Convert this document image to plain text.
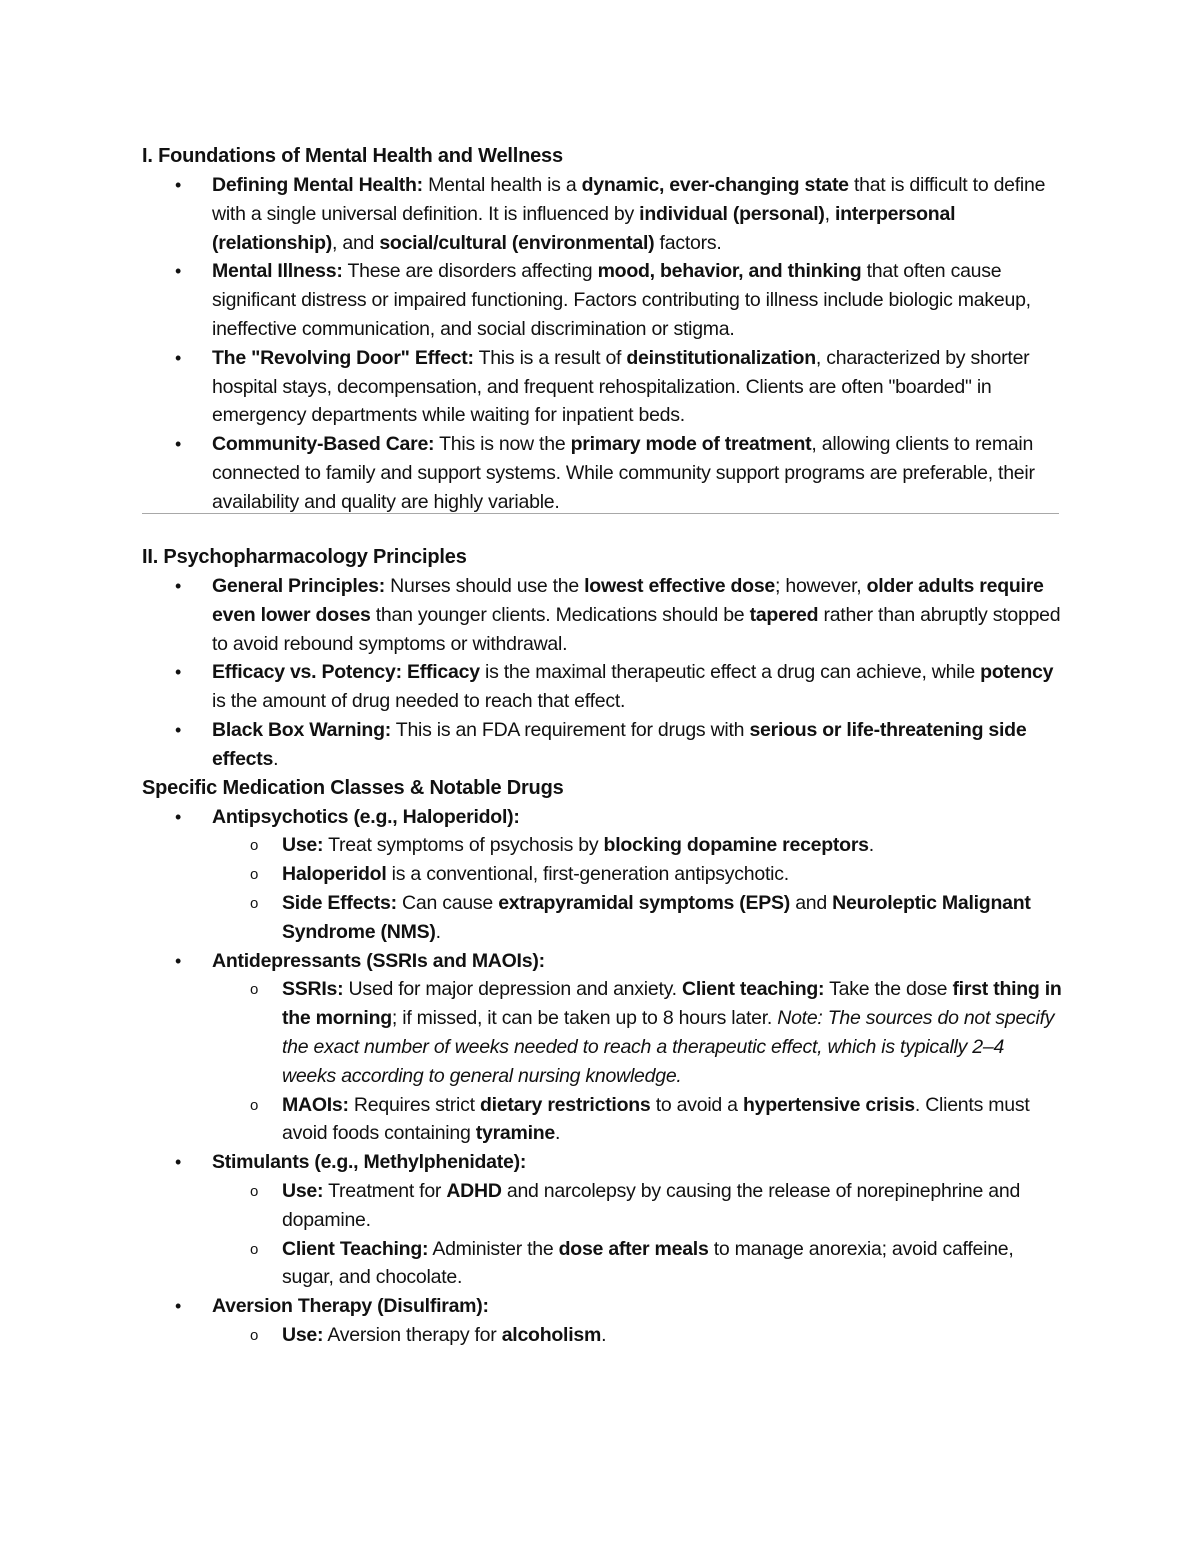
I. Foundations of Mental Health and Wellness
• Defining Mental Health: Mental health is a dynamic, ever-changing state that is difficult to define with a single universal definition. It is influenced by individual (personal), interpersonal (relationship), and social/cultural (environmental) factors.
• Mental Illness: These are disorders affecting mood, behavior, and thinking that often cause significant distress or impaired functioning. Factors contributing to illness include biologic makeup, ineffective communication, and social discrimination or stigma.
• The "Revolving Door" Effect: This is a result of deinstitutionalization, characterized by shorter hospital stays, decompensation, and frequent rehospitalization. Clients are often "boarded" in emergency departments while waiting for inpatient beds.
• Community-Based Care: This is now the primary mode of treatment, allowing clients to remain connected to family and support systems. While community support programs are preferable, their availability and quality are highly variable.
II. Psychopharmacology Principles
• General Principles: Nurses should use the lowest effective dose; however, older adults require even lower doses than younger clients. Medications should be tapered rather than abruptly stopped to avoid rebound symptoms or withdrawal.
• Efficacy vs. Potency: Efficacy is the maximal therapeutic effect a drug can achieve, while potency is the amount of drug needed to reach that effect.
• Black Box Warning: This is an FDA requirement for drugs with serious or life-threatening side effects.
Specific Medication Classes & Notable Drugs
• Antipsychotics (e.g., Haloperidol):
o Use: Treat symptoms of psychosis by blocking dopamine receptors.
o Haloperidol is a conventional, first-generation antipsychotic.
o Side Effects: Can cause extrapyramidal symptoms (EPS) and Neuroleptic Malignant Syndrome (NMS).
• Antidepressants (SSRIs and MAOIs):
o SSRIs: Used for major depression and anxiety. Client teaching: Take the dose first thing in the morning; if missed, it can be taken up to 8 hours later. Note: The sources do not specify the exact number of weeks needed to reach a therapeutic effect, which is typically 2–4 weeks according to general nursing knowledge.
o MAOIs: Requires strict dietary restrictions to avoid a hypertensive crisis. Clients must avoid foods containing tyramine.
• Stimulants (e.g., Methylphenidate):
o Use: Treatment for ADHD and narcolepsy by causing the release of norepinephrine and dopamine.
o Client Teaching: Administer the dose after meals to manage anorexia; avoid caffeine, sugar, and chocolate.
• Aversion Therapy (Disulfiram):
o Use: Aversion therapy for alcoholism.
